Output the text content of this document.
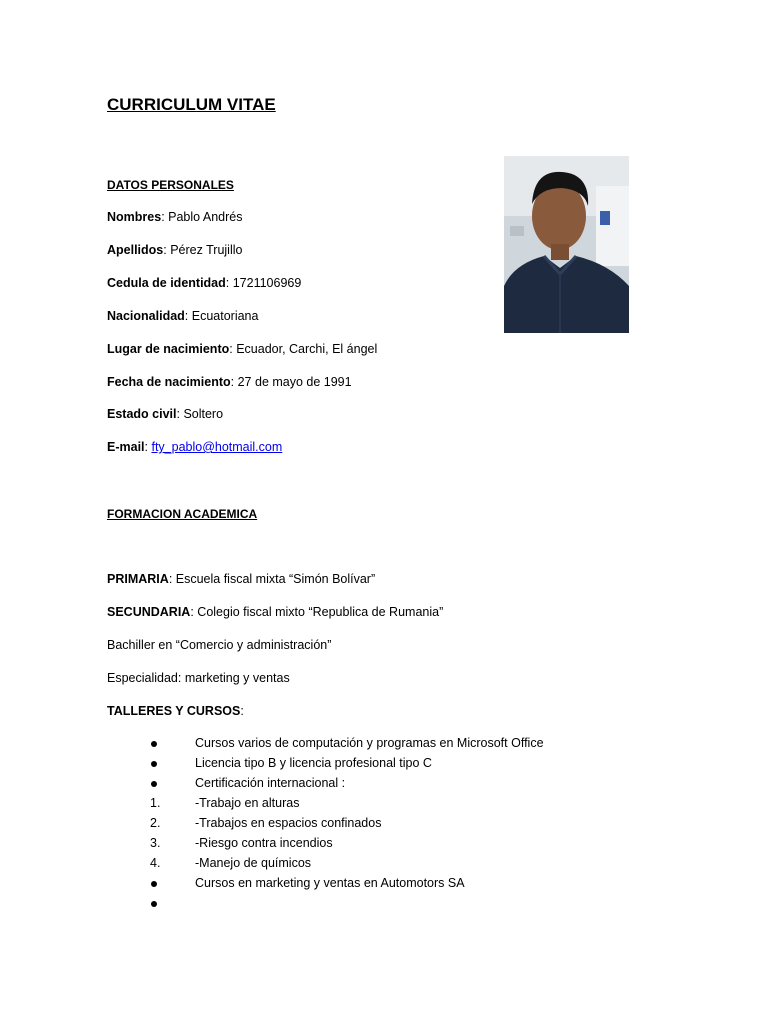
CURRICULUM VITAE
DATOS PERSONALES
Nombres: Pablo Andrés
Apellidos: Pérez Trujillo
Cedula de identidad: 1721106969
Nacionalidad: Ecuatoriana
Lugar de nacimiento: Ecuador, Carchi, El ángel
Fecha de nacimiento: 27 de mayo de 1991
Estado civil: Soltero
E-mail: fty_pablo@hotmail.com
FORMACION ACADEMICA
PRIMARIA: Escuela fiscal mixta “Simón Bolívar”
SECUNDARIA: Colegio fiscal mixto “Republica de Rumania”
Bachiller en “Comercio y administración”
Especialidad: marketing y ventas
TALLERES Y CURSOS:
Cursos varios de computación y programas en Microsoft Office
Licencia tipo B y licencia profesional tipo C
Certificación internacional :
1.	-Trabajo en alturas
2.	-Trabajos en espacios confinados
3.	-Riesgo contra incendios
4.	-Manejo de químicos
Cursos en marketing y ventas en Automotors SA
